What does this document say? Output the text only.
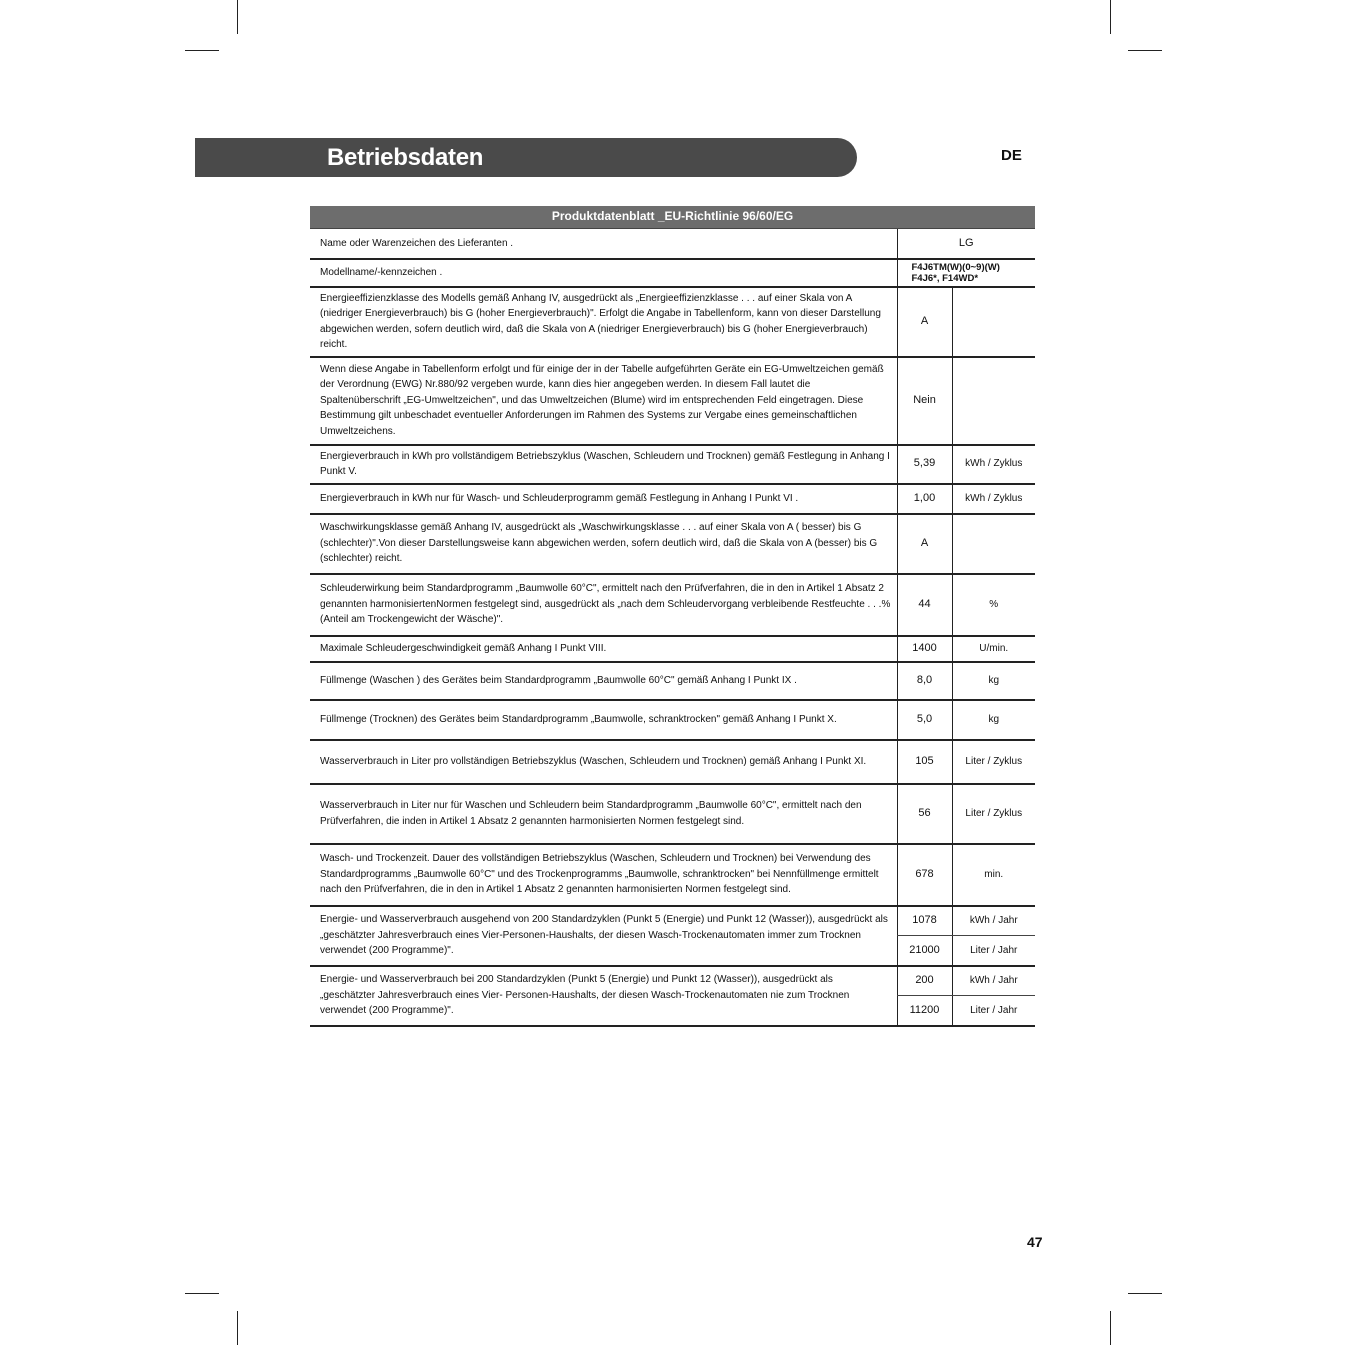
Betriebsdaten	DE
Produktdatenblatt _EU-Richtlinie 96/60/EG		
Name oder Warenzeichen des Lieferanten .	LG	
Modellname/-kennzeichen .	F4J6TM(W)(0~9)(W)
F4J6*, F14WD*	

Energieeffizienzklasse des Modells gemäß Anhang IV, ausgedrückt als „Energieeffizienzklasse . . . auf einer Skala von A (niedriger Energieverbrauch) bis G (hoher Energieverbrauch)". Erfolgt die Angabe in Tabellenform, kann von dieser Darstellung abgewichen werden, sofern deutlich wird, daß die Skala von A (niedriger Energieverbrauch) bis G (hoher Energieverbrauch) reicht.	A	
Wenn diese Angabe in Tabellenform erfolgt und für einige der in der Tabelle aufgeführten Geräte ein EG-Umweltzeichen gemäß der Verordnung (EWG) Nr.880/92 vergeben wurde, kann dies hier angegeben werden. In diesem Fall lautet die Spaltenüberschrift „EG-Umweltzeichen", und das Umweltzeichen (Blume) wird im entsprechenden Feld eingetragen. Diese Bestimmung gilt unbeschadet eventueller Anforderungen im Rahmen des Systems zur Vergabe eines gemeinschaftlichen Umweltzeichens.	Nein	
Energieverbrauch in kWh pro vollständigem Betriebszyklus (Waschen, Schleudern und Trocknen) gemäß Festlegung in Anhang I Punkt V.	5,39	kWh / Zyklus
Energieverbrauch in kWh nur für Wasch- und Schleuderprogramm gemäß Festlegung in Anhang I Punkt VI .	1,00	kWh / Zyklus
Waschwirkungsklasse gemäß Anhang IV, ausgedrückt als „Waschwirkungsklasse . . . auf einer Skala von A ( besser) bis G (schlechter)".Von dieser Darstellungsweise kann abgewichen werden, sofern deutlich wird, daß die Skala von A (besser) bis G (schlechter) reicht.	A	
Schleuderwirkung beim Standardprogramm „Baumwolle 60°C", ermittelt nach den Prüfverfahren, die in den in Artikel 1 Absatz 2 genannten harmonisiertenNormen festgelegt sind, ausgedrückt als „nach dem Schleudervorgang verbleibende Restfeuchte . . .% (Anteil am Trockengewicht der Wäsche)".	44	%
Maximale Schleudergeschwindigkeit gemäß Anhang I Punkt VIII.	1400	U/min.
Füllmenge (Waschen ) des Gerätes beim Standardprogramm „Baumwolle 60°C" gemäß Anhang I Punkt IX .	8,0	kg
Füllmenge (Trocknen) des Gerätes beim Standardprogramm „Baumwolle, schranktrocken" gemäß Anhang I Punkt X.	5,0	kg
Wasserverbrauch in Liter pro vollständigen Betriebszyklus (Waschen, Schleudern und Trocknen) gemäß Anhang I Punkt XI.	105	Liter / Zyklus
Wasserverbrauch in Liter nur für Waschen und Schleudern beim Standardprogramm „Baumwolle 60°C", ermittelt nach den Prüfverfahren, die inden in Artikel 1 Absatz 2 genannten harmonisierten Normen festgelegt sind.	56	Liter / Zyklus
Wasch- und Trockenzeit. Dauer des vollständigen Betriebszyklus (Waschen, Schleudern und Trocknen) bei Verwendung des Standardprogramms „Baumwolle 60°C" und des Trockenprogramms „Baumwolle, schranktrocken" bei Nennfüllmenge ermittelt nach den Prüfverfahren, die in den in Artikel 1 Absatz 2 genannten harmonisierten Normen festgelegt sind.	678	min.
Energie- und Wasserverbrauch ausgehend von 200 Standardzyklen (Punkt 5 (Energie) und Punkt 12 (Wasser)), ausgedrückt als „geschätzter Jahresverbrauch eines Vier-Personen-Haushalts, der diesen Wasch-Trockenautomaten immer zum Trocknen verwendet (200 Programme)".	1078	kWh / Jahr
	21000	Liter / Jahr
Energie- und Wasserverbrauch bei 200 Standardzyklen (Punkt 5 (Energie) und Punkt 12 (Wasser)), ausgedrückt als „geschätzter Jahresverbrauch eines Vier- Personen-Haushalts, der diesen Wasch-Trockenautomaten nie zum Trocknen verwendet (200 Programme)".	200	kWh / Jahr
	11200	Liter / Jahr
47
